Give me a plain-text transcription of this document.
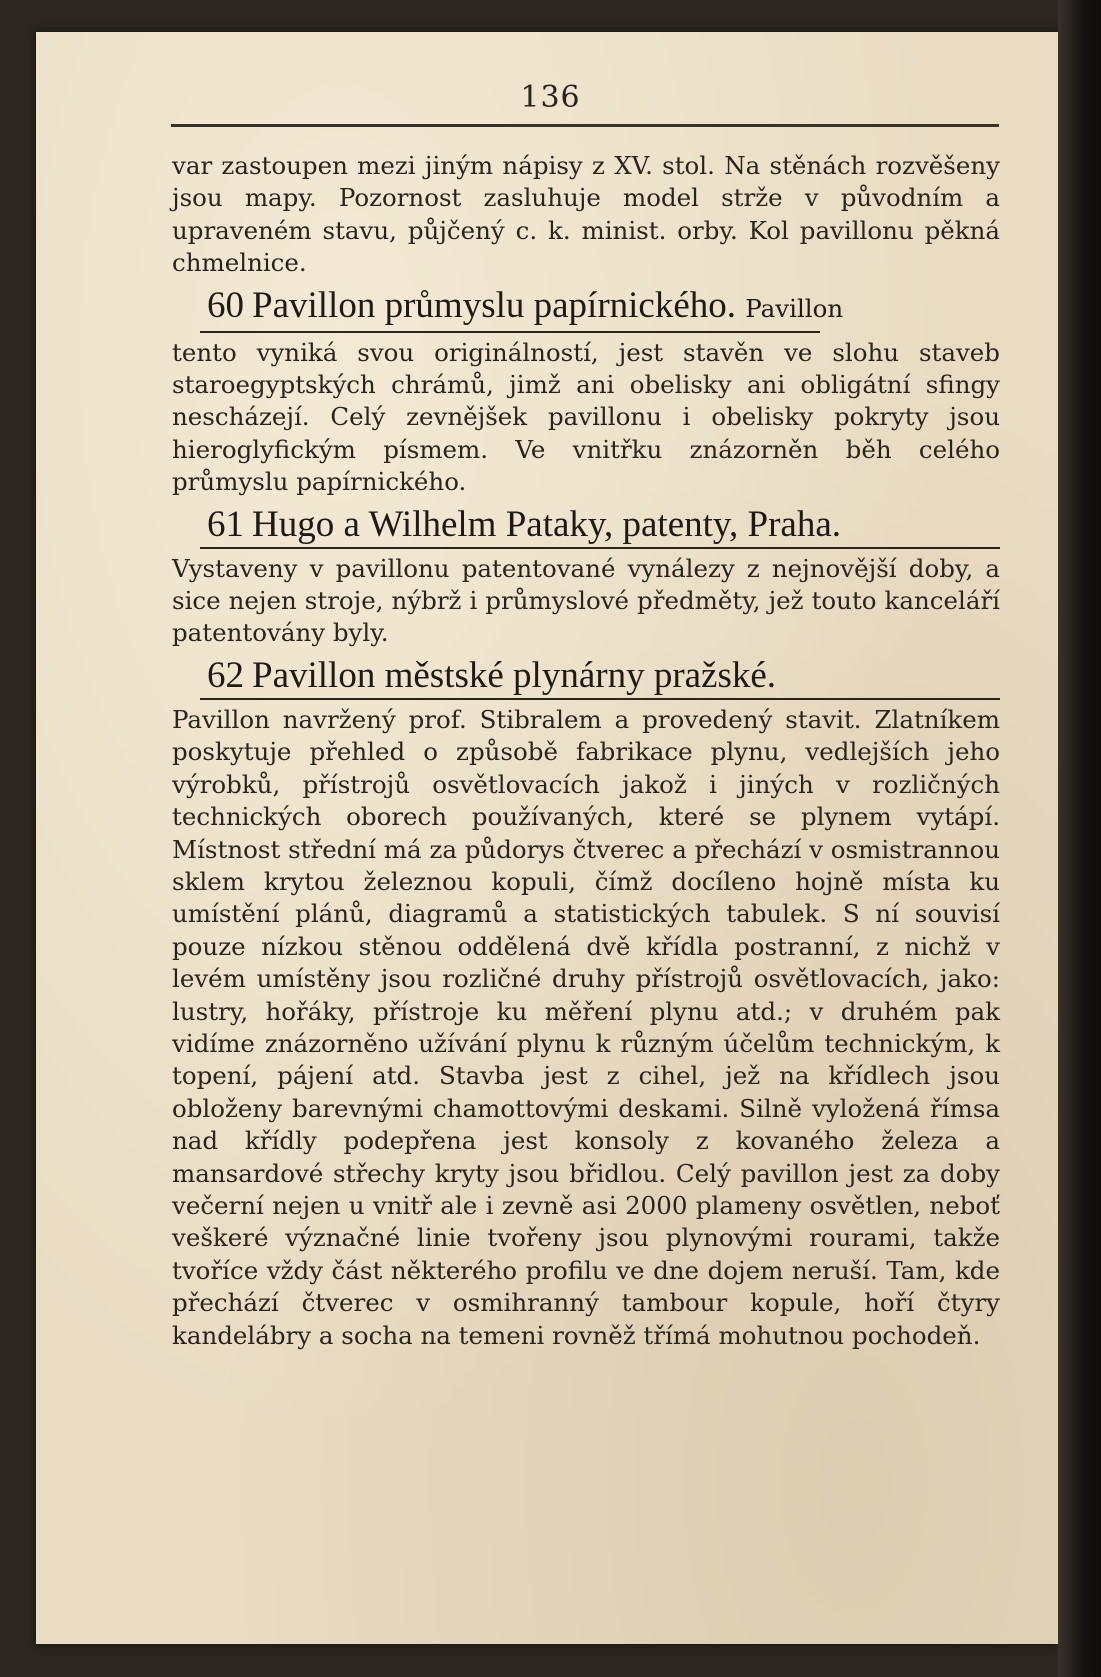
136

var zastoupen mezi jiným nápisy z XV. stol. Na stěnách rozvěšeny jsou mapy. Pozornost zasluhuje model strže v původním a upraveném stavu, půjčený c. k. minist. orby. Kol pavillonu pěkná chmelnice.

60 Pavillon průmyslu papírnického. Pavillon

tento vyniká svou originálností, jest stavěn ve slohu staveb staroegyptských chrámů, jimž ani obelisky ani obligátní sfingy nescházejí. Celý zevnějšek pavillonu i obelisky pokryty jsou hieroglyfickým písmem. Ve vnitřku znázorněn běh celého průmyslu papírnického.

61 Hugo a Wilhelm Pataky, patenty, Praha.

Vystaveny v pavillonu patentované vynálezy z nejnovější doby, a sice nejen stroje, nýbrž i průmyslové předměty, jež touto kanceláří patentovány byly.

62 Pavillon městské plynárny pražské.

Pavillon navržený prof. Stibralem a provedený stavit. Zlatníkem poskytuje přehled o způsobě fabrikace plynu, vedlejších jeho výrobků, přístrojů osvětlovacích jakož i jiných v rozličných technických oborech používaných, které se plynem vytápí. Místnost střední má za půdorys čtverec a přechází v osmistrannou sklem krytou železnou kopuli, čímž docíleno hojně místa ku umístění plánů, diagramů a statistických tabulek. S ní souvisí pouze nízkou stěnou oddělená dvě křídla postranní, z nichž v levém umístěny jsou rozličné druhy přístrojů osvětlovacích, jako: lustry, hořáky, přístroje ku měření plynu atd.; v druhém pak vidíme znázorněno užívání plynu k různým účelům technickým, k topení, pájení atd. Stavba jest z cihel, jež na křídlech jsou obloženy barevnými chamottovými deskami. Silně vyložená římsa nad křídly podepřena jest konsoly z kovaného železa a mansardové střechy kryty jsou břidlou. Celý pavillon jest za doby večerní nejen u vnitř ale i zevně asi 2000 plameny osvětlen, neboť veškeré význačné linie tvořeny jsou plynovými rourami, takže tvoříce vždy část některého profilu ve dne dojem neruší. Tam, kde přechází čtverec v osmihranný tambour kopule, hoří čtyry kandelábry a socha na temeni rovněž třímá mohutnou pochodeň.
